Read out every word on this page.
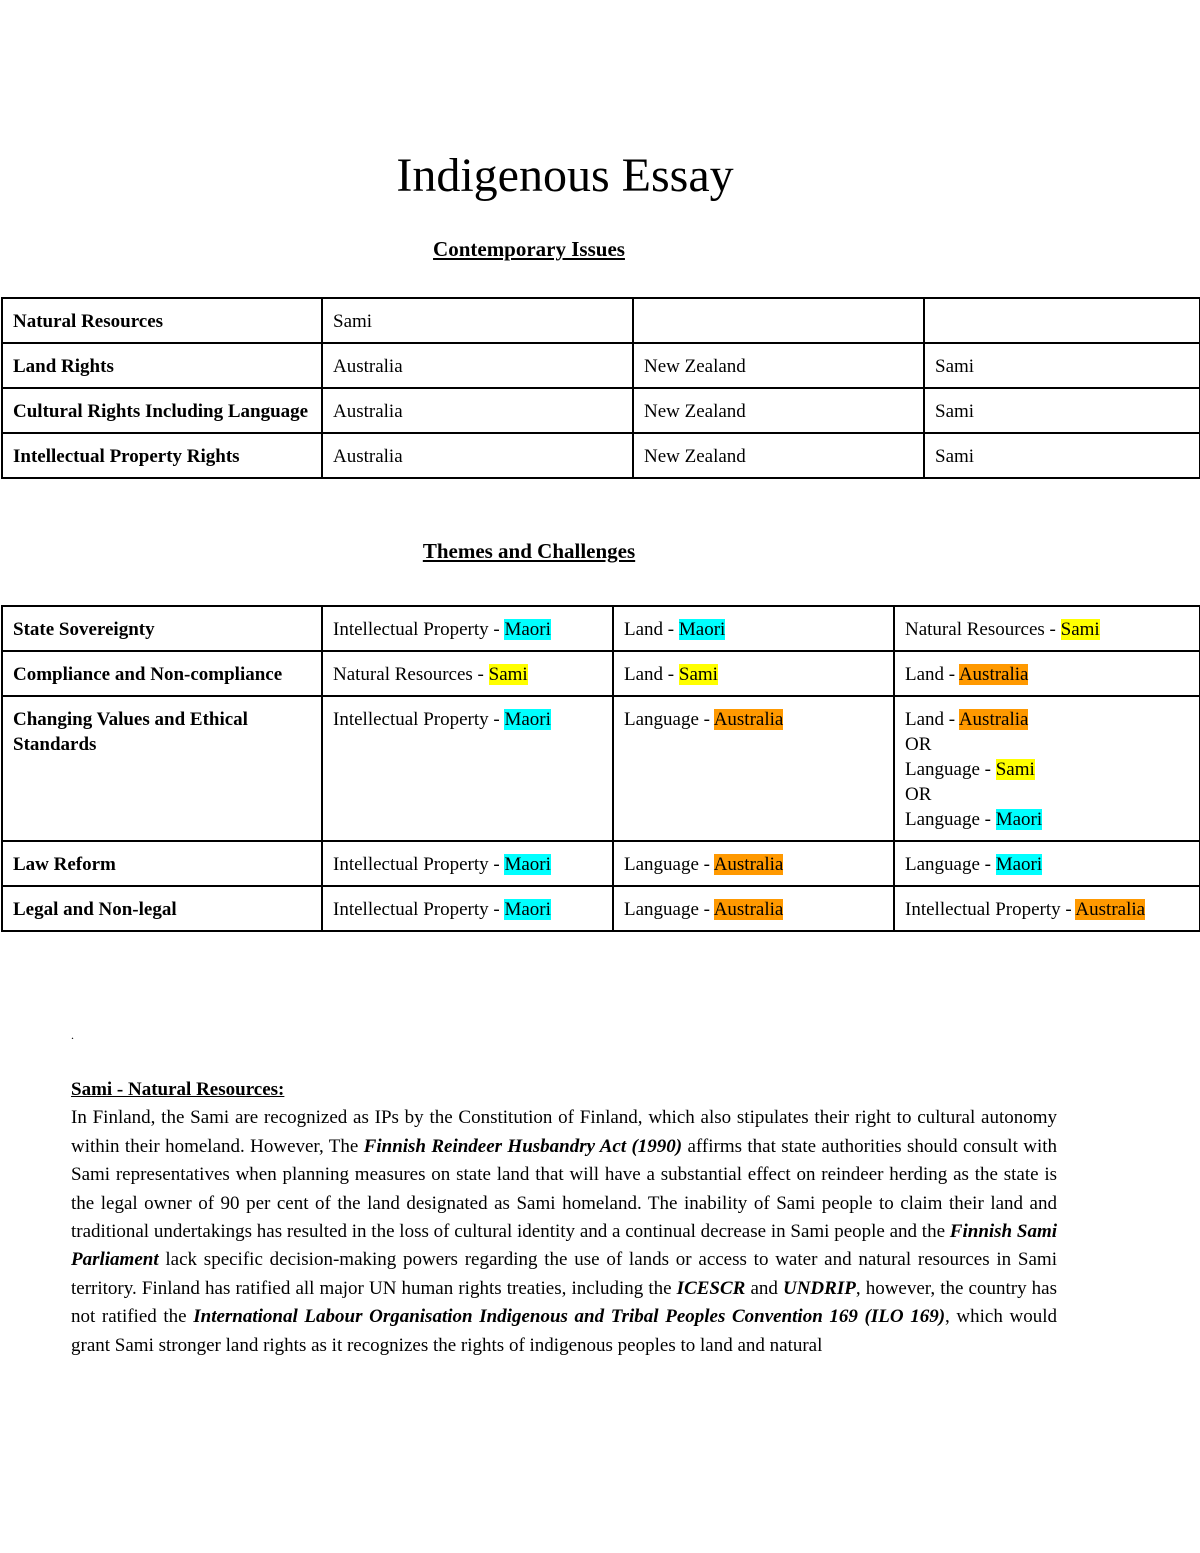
Indigenous Essay
Contemporary Issues
Natural Resources	Sami		
Land Rights	Australia	New Zealand	Sami
Cultural Rights Including Language	Australia	New Zealand	Sami
Intellectual Property Rights	Australia	New Zealand	Sami
Themes and Challenges
State Sovereignty	Intellectual Property - Maori	Land - Maori	Natural Resources - Sami

Compliance and Non-compliance	Natural Resources - Sami	Land - Sami	Land - Australia

Changing Values and Ethical Standards	Intellectual Property - Maori	Language - Australia	Land - Australia
OR
Language - Sami
OR
Language - Maori

Law Reform	Intellectual Property - Maori	Language - Australia	Language - Maori

Legal and Non-legal	Intellectual Property - Maori	Language - Australia	Intellectual Property - Australia
.
Sami - Natural Resources:
In Finland, the Sami are recognized as IPs by the Constitution of Finland, which also stipulates their right to cultural autonomy within their homeland. However, The Finnish Reindeer Husbandry Act (1990) affirms that state authorities should consult with Sami representatives when planning measures on state land that will have a substantial effect on reindeer herding as the state is the legal owner of 90 per cent of the land designated as Sami homeland. The inability of Sami people to claim their land and traditional undertakings has resulted in the loss of cultural identity and a continual decrease in Sami people and the Finnish Sami Parliament lack specific decision-making powers regarding the use of lands or access to water and natural resources in Sami territory. Finland has ratified all major UN human rights treaties, including the ICESCR and UNDRIP, however, the country has not ratified the International Labour Organisation Indigenous and Tribal Peoples Convention 169 (ILO 169), which would grant Sami stronger land rights as it recognizes the rights of indigenous peoples to land and natural
